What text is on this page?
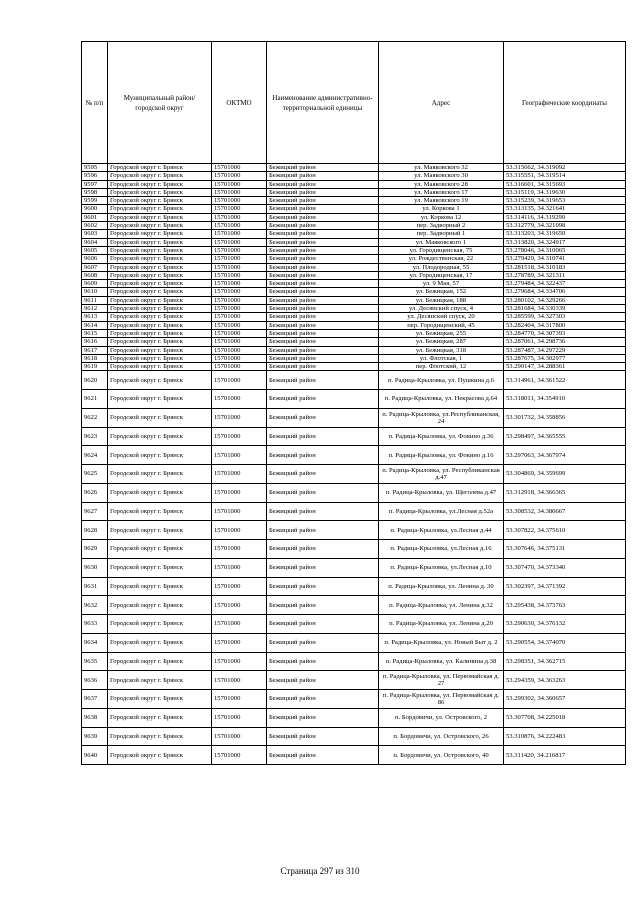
№ п/п	Муниципальный район/городской округ	ОКТМО	Наименование административно-территориальной единицы	Адрес	Географические координаты
9595	Городской округ г. Брянск	15701000	Бежицкий район	ул. Маяковского 32	53.315662, 34.319092
9596	Городской округ г. Брянск	15701000	Бежицкий район	ул. Маяковского 30	53.315551, 34.319514
9597	Городской округ г. Брянск	15701000	Бежицкий район	ул. Маяковского 28	53.316601, 34.315693
9598	Городской округ г. Брянск	15701000	Бежицкий район	ул. Маяковского 17	53.315119, 34.319630
9599	Городской округ г. Брянск	15701000	Бежицкий район	ул. Маяковского 19	53.315239, 34.319653
9600	Городской округ г. Брянск	15701000	Бежицкий район	ул. Коркова 1	53.313135, 34.321641
9601	Городской округ г. Брянск	15701000	Бежицкий район	ул. Коркова 12	53.314116, 34.319299
9602	Городской округ г. Брянск	15701000	Бежицкий район	пер. Задворный 2	53.312779, 34.321098
9603	Городской округ г. Брянск	15701000	Бежицкий район	пер. Задворный 1	53.313203, 34.319650
9604	Городской округ г. Брянск	15701000	Бежицкий район	ул. Маяковского 1	53.313820, 34.324917
9605	Городской округ г. Брянск	15701000	Бежицкий район	ул. Городищенская, 75	53.278046, 34.310065
9606	Городской округ г. Брянск	15701000	Бежицкий район	ул. Рождественская, 22	53.279429, 34.310741
9607	Городской округ г. Брянск	15701000	Бежицкий район	ул. Плодородная, 55	53.281518, 34.310183
9608	Городской округ г. Брянск	15701000	Бежицкий район	ул. Городищенская, 17	53.278789, 34.321311
9609	Городской округ г. Брянск	15701000	Бежицкий район	ул. 9 Мая, 57	53.279484, 34.322437
9610	Городской округ г. Брянск	15701000	Бежицкий район	ул. Бежицкая, 152	53.279684, 34.334706
9611	Городской округ г. Брянск	15701000	Бежицкий район	ул. Бежицкая, 188	53.280102, 34.329266
9612	Городской округ г. Брянск	15701000	Бежицкий район	ул. Десянский спуск, 4	53.281684, 34.330339
9613	Городской округ г. Брянск	15701000	Бежицкий район	ул. Десянский спуск, 20	53.285599, 34.327303
9614	Городской округ г. Брянск	15701000	Бежицкий район	пер. Городищенский, 45	53.282404, 34.317800
9615	Городской округ г. Брянск	15701000	Бежицкий район	ул. Бежицкая, 255	53.284770, 34.307393
9616	Городской округ г. Брянск	15701000	Бежицкий район	ул. Бежицкая, 287	53.287061, 34.298736
9617	Городской округ г. Брянск	15701000	Бежицкий район	ул. Бежицкая, 318	53.287487, 34.297229
9618	Городской округ г. Брянск	15701000	Бежицкий район	ул. Флотская, 1	53.287675, 34.302977
9619	Городской округ г. Брянск	15701000	Бежицкий район	пер. Флотский, 12	53.290147, 34.288361
9620	Городской округ г. Брянск	15701000	Бежицкий район	п. Радица-Крыловка, ул. Пушкина д.6	53.314961, 34.361522
9621	Городской округ г. Брянск	15701000	Бежицкий район	п. Радица-Крыловка, ул. Некрасова д.64	53.318011, 34.354910
9622	Городской округ г. Брянск	15701000	Бежицкий район	п. Радица-Крыловка, ул.Республиканская, 24	53.301732, 34.358856
9623	Городской округ г. Брянск	15701000	Бежицкий район	п. Радица-Крыловка, ул. Фокино д.36	53.298497, 34.365555
9624	Городской округ г. Брянск	15701000	Бежицкий район	п. Радица-Крыловка, ул. Фокино д.16	53.297063, 34.367974
9625	Городской округ г. Брянск	15701000	Бежицкий район	п. Радица-Крыловка, ул. Республиканская д.47	53.304869, 34.359699
9626	Городской округ г. Брянск	15701000	Бежицкий район	п. Радица-Крыловка, ул. Щеголева д.47	53.312918, 34.366365
9627	Городской округ г. Брянск	15701000	Бежицкий район	п. Радица-Крыловка, ул.Лесная д.52а	53.308532, 34.380667
9628	Городской округ г. Брянск	15701000	Бежицкий район	п. Радица-Крыловка, ул.Лесная д.44	53.307822, 34.375610
9629	Городской округ г. Брянск	15701000	Бежицкий район	п. Радица-Крыловка, ул.Лесная д.16	53.307646, 34.375131
9630	Городской округ г. Брянск	15701000	Бежицкий район	п. Радица-Крыловка, ул.Лесная д.10	53.307470, 34.373340
9631	Городской округ г. Брянск	15701000	Бежицкий район	п. Радица-Крыловка, ул. Ленина д. 30	53.302397, 34.371392
9632	Городской округ г. Брянск	15701000	Бежицкий район	п. Радица-Крыловка, ул. Ленина д.32	53.295438, 34.373763
9633	Городской округ г. Брянск	15701000	Бежицкий район	п. Радица-Крыловка, ул. Ленина д.20	53.290630, 34.376132
9634	Городской округ г. Брянск	15701000	Бежицкий район	п. Радица-Крыловка, ул. Новый Быт д. 2	53.290554, 34.374070
9635	Городской округ г. Брянск	15701000	Бежицкий район	п. Радица-Крыловка, ул. Калинина д.38	53.298351, 34.362715
9636	Городской округ г. Брянск	15701000	Бежицкий район	п. Радица-Крыловка, ул. Первомайская д. 27	53.294359, 34.363263
9637	Городской округ г. Брянск	15701000	Бежицкий район	п. Радица-Крыловка, ул. Первомайская д. 86	53.299302, 34.360657
9638	Городской округ г. Брянск	15701000	Бежицкий район	п. Бордовичи, ул. Островского, 2	53.307708, 34.225018
9639	Городской округ г. Брянск	15701000	Бежицкий район	п. Бордовичи, ул. Островского, 26	53.310876, 34.222483
9640	Городской округ г. Брянск	15701000	Бежицкий район	п. Бордовичи, ул. Островского, 40	53.311420, 34.216817
Страница 297 из 310
